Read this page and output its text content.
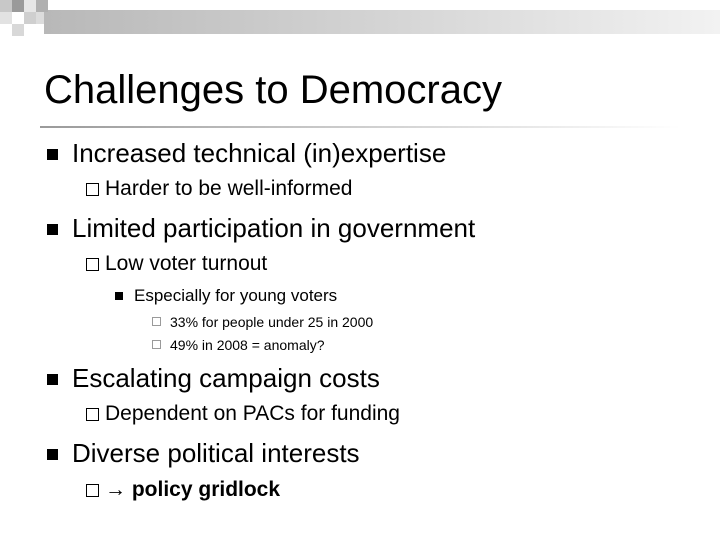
Challenges to Democracy
Increased technical (in)expertise
Harder to be well-informed
Limited participation in government
Low voter turnout
Especially for young voters
33% for people under 25 in 2000
49% in 2008 = anomaly?
Escalating campaign costs
Dependent on PACs for funding
Diverse political interests
→ policy gridlock
